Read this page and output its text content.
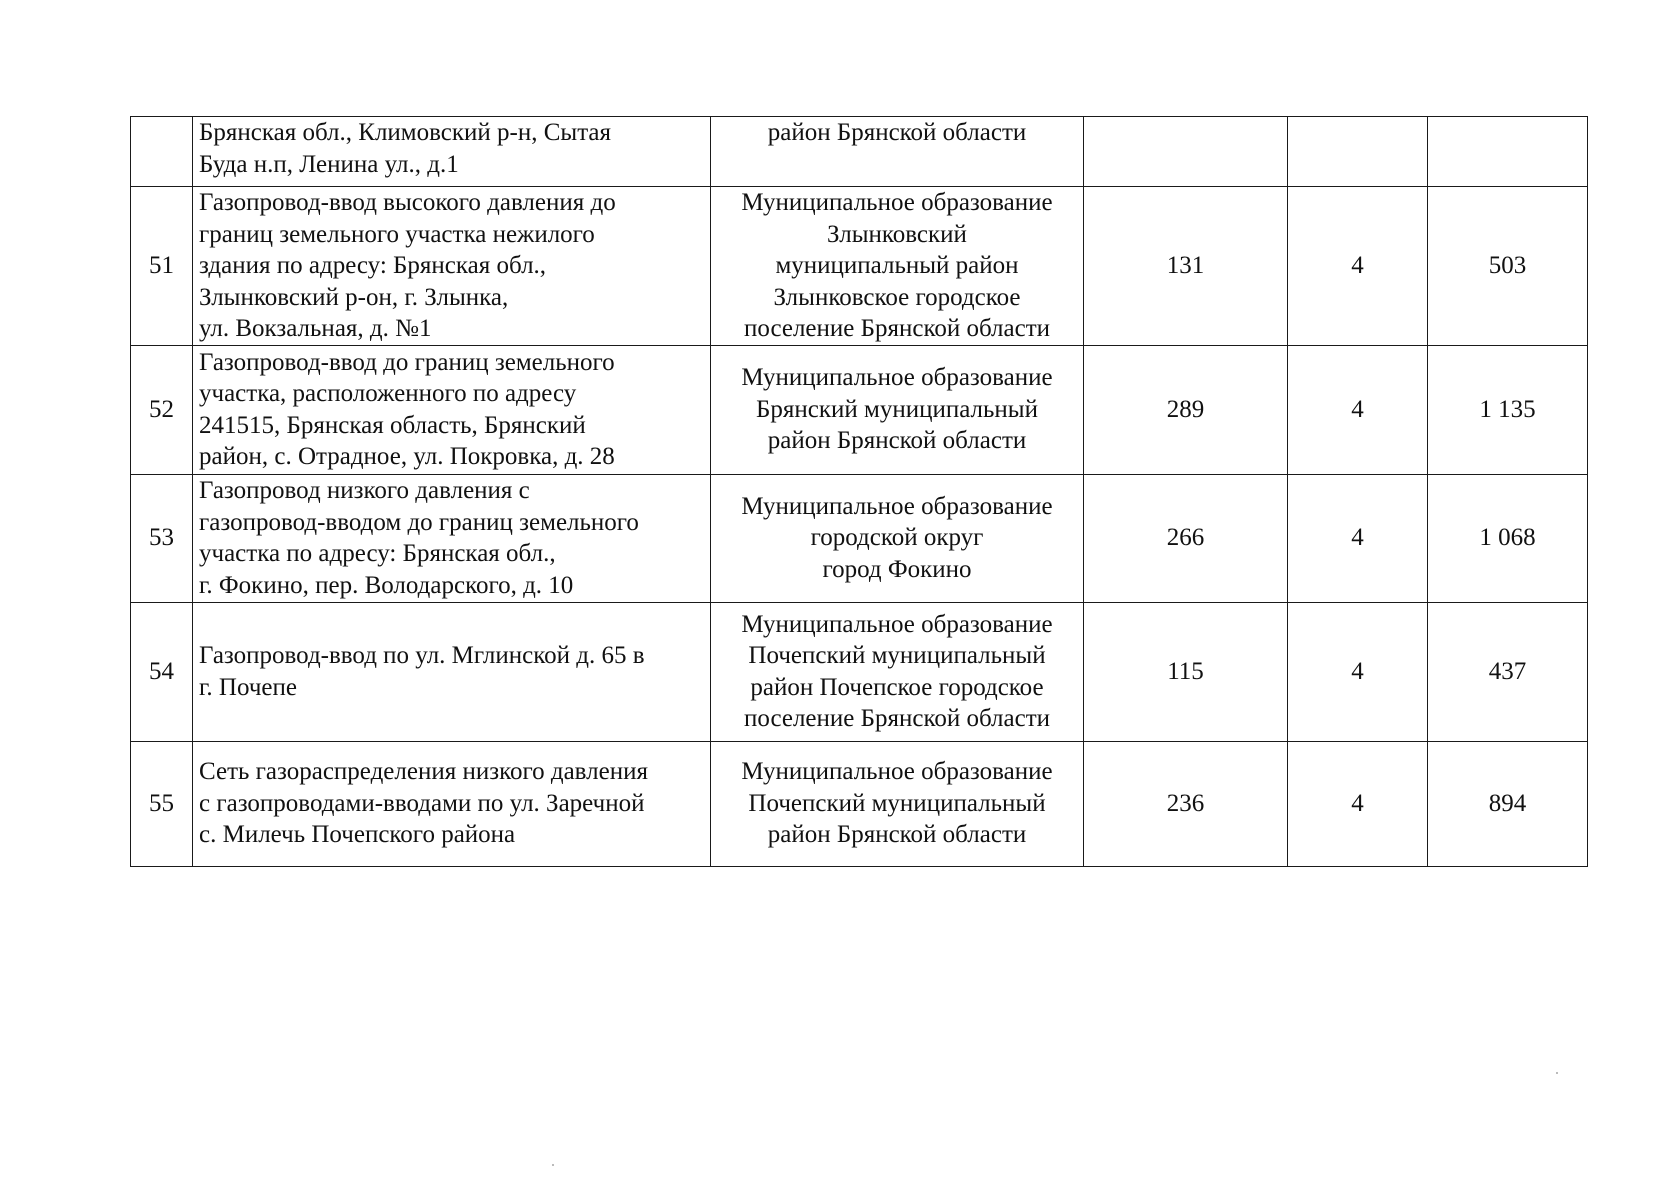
	Брянская обл., Климовский р-н, Сытая
Буда н.п, Ленина ул., д.1	район Брянской области			

51	Газопровод-ввод высокого давления до
границ земельного участка нежилого
здания по адресу: Брянская обл.,
Злынковский р-он, г. Злынка,
ул. Вокзальная, д. №1	Муниципальное образование
Злынковский
муниципальный район
Злынковское городское
поселение Брянской области	131	4	503
52	Газопровод-ввод до границ земельного
участка, расположенного по адресу
241515, Брянская область, Брянский
район, с. Отрадное, ул. Покровка, д. 28	Муниципальное образование
Брянский муниципальный
район Брянской области	289	4	1 135
53	Газопровод низкого давления с
газопровод-вводом до границ земельного
участка по адресу: Брянская обл.,
г. Фокино, пер. Володарского, д. 10	Муниципальное образование
городской округ
город Фокино	266	4	1 068
54	Газопровод-ввод по ул. Мглинской д. 65 в
г. Почепе	Муниципальное образование
Почепский муниципальный
район Почепское городское
поселение Брянской области	115	4	437
55	Сеть газораспределения низкого давления
с газопроводами-вводами по ул. Заречной
с. Милечь Почепского района	Муниципальное образование
Почепский муниципальный
район Брянской области	236	4	894
